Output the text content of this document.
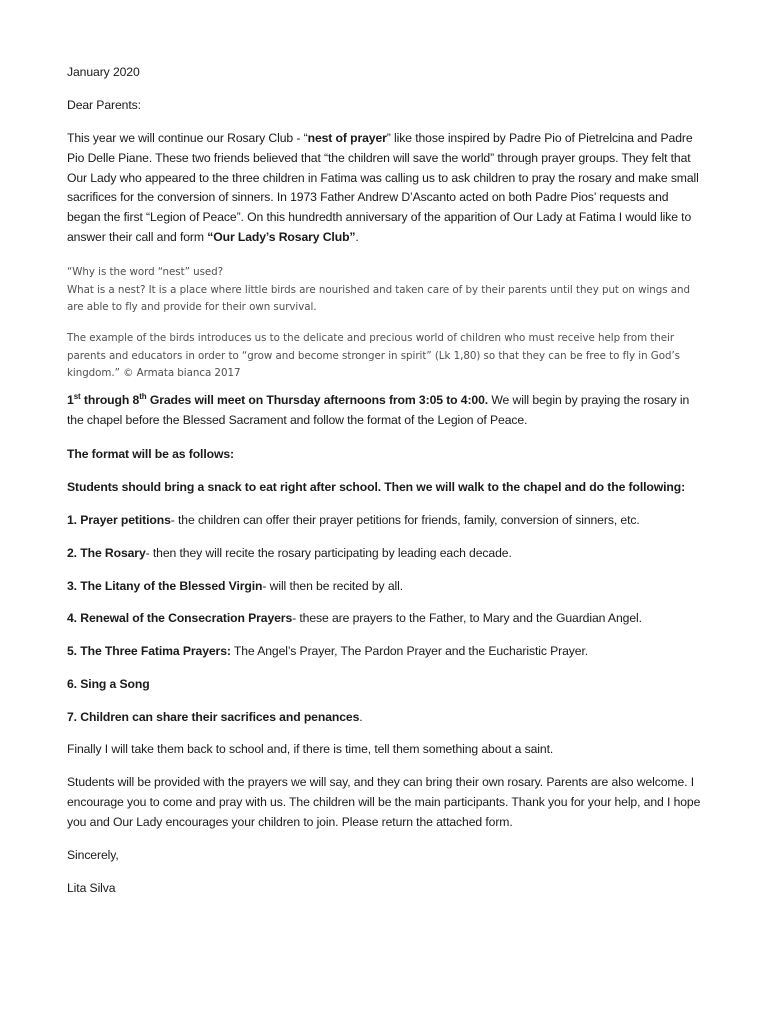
January 2020
Dear Parents:
This year we will continue our Rosary Club - “nest of prayer” like those inspired by Padre Pio of Pietrelcina and Padre Pio Delle Piane. These two friends believed that “the children will save the world” through prayer groups. They felt that Our Lady who appeared to the three children in Fatima was calling us to ask children to pray the rosary and make small sacrifices for the conversion of sinners. In 1973 Father Andrew D’Ascanto acted on both Padre Pios’ requests and began the first “Legion of Peace”. On this hundredth anniversary of the apparition of Our Lady at Fatima I would like to answer their call and form “Our Lady’s Rosary Club”.
“Why is the word “nest” used?
What is a nest? It is a place where little birds are nourished and taken care of by their parents until they put on wings and are able to fly and provide for their own survival.
The example of the birds introduces us to the delicate and precious world of children who must receive help from their parents and educators in order to “grow and become stronger in spirit” (Lk 1,80) so that they can be free to fly in God’s kingdom.” © Armata bianca 2017
1st through 8th Grades will meet on Thursday afternoons from 3:05 to 4:00. We will begin by praying the rosary in the chapel before the Blessed Sacrament and follow the format of the Legion of Peace.
The format will be as follows:
Students should bring a snack to eat right after school. Then we will walk to the chapel and do the following:
1. Prayer petitions- the children can offer their prayer petitions for friends, family, conversion of sinners, etc.
2. The Rosary- then they will recite the rosary participating by leading each decade.
3. The Litany of the Blessed Virgin- will then be recited by all.
4. Renewal of the Consecration Prayers- these are prayers to the Father, to Mary and the Guardian Angel.
5. The Three Fatima Prayers: The Angel’s Prayer, The Pardon Prayer and the Eucharistic Prayer.
6. Sing a Song
7. Children can share their sacrifices and penances.
Finally I will take them back to school and, if there is time, tell them something about a saint.
Students will be provided with the prayers we will say, and they can bring their own rosary. Parents are also welcome. I encourage you to come and pray with us. The children will be the main participants. Thank you for your help, and I hope you and Our Lady encourages your children to join. Please return the attached form.
Sincerely,
Lita Silva
